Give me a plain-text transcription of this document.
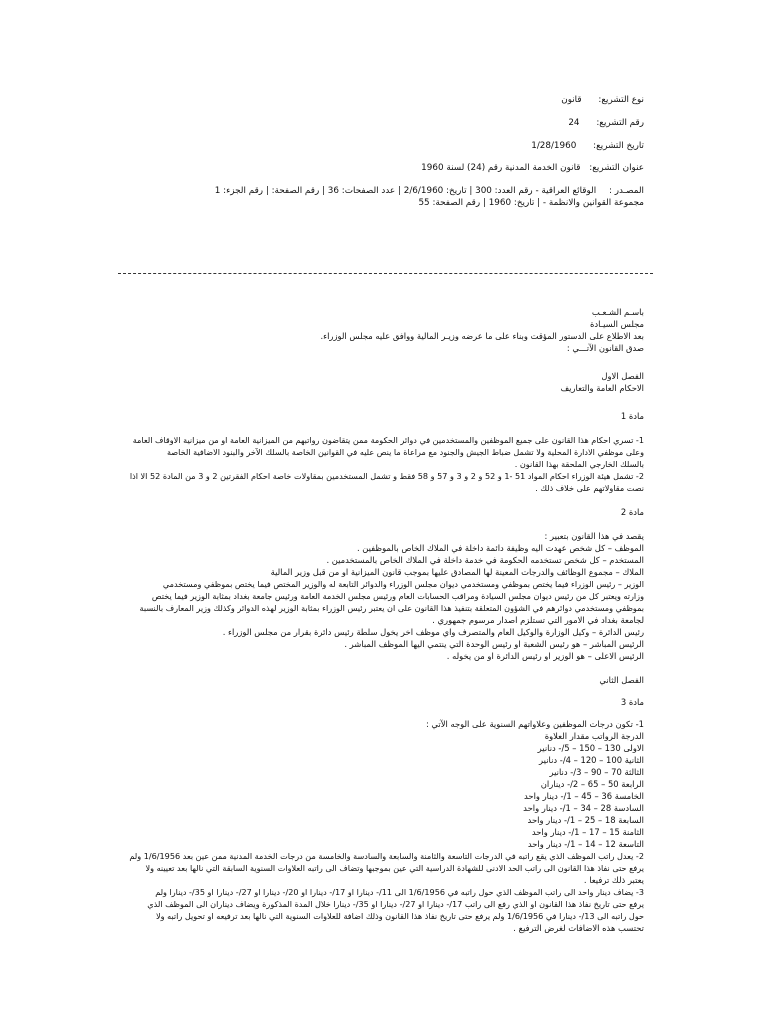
نوع التشريع: قانون
رقم التشريع: 24
تاريخ التشريع: 1/28/1960
عنوان التشريع: قانون الخدمة المدنية رقم (24) لسنة 1960
المصـدر : الوقائع العراقية - رقم العدد: 300 | تاريخ: 2/6/1960 | عدد الصفحات: 36 | رقم الصفحة: | رقم الجزء: 1
مجموعة القوانين والانظمة - | تاريخ: 1960 | رقم الصفحة: 55
باسـم الشـعـب
مجلس السيـادة
بعد الاطلاع على الدستور المؤقت وبناء على ما عرضه وزيـر المالية ووافق عليه مجلس الوزراء.
صدق القانون الآتـــي :
الفصل الاول
الاحكام العامة والتعاريف
مادة 1
1- تسري احكام هذا القانون على جميع الموظفين والمستخدمين في دوائر الحكومة ممن يتقاضون رواتبهم من الميزانية العامة او من ميزانية الاوقاف العامة
وعلى موظفي الادارة المحلية ولا تشمل ضباط الجيش والجنود مع مراعاة ما ينص عليه في القوانين الخاصة بالسلك الآخر والبنود الاضافية الخاصة
بالسلك الخارجي الملحقة بهذا القانون .
2- تشمل هيئة الوزراء احكام المواد 51 -1 و 52 و 2 و 3 و 57 و 58 فقط و تشمل المستخدمين بمقاولات خاصة احكام الفقرتين 2 و 3 من المادة 52 الا اذا
نصت مقاولاتهم على خلاف ذلك .
مادة 2
يقصد في هذا القانون بتعبير :
الموظف – كل شخص عهدت اليه وظيفة دائمة داخلة في الملاك الخاص بالموظفين .
المستخدم – كل شخص تستخدمه الحكومة في خدمة داخلة في الملاك الخاص بالمستخدمين .
الملاك – مجموع الوظائف والدرجات المعينة لها المصادق عليها بموجب قانون الميزانية او من قبل وزير المالية
الوزير – رئيس الوزراء فيما يختص بموظفي ومستخدمي ديوان مجلس الوزراء والدوائر التابعة له والوزير المختص فيما يختص بموظفي ومستخدمي
وزارته ويعتبر كل من رئيس ديوان مجلس السيادة ومراقب الحسابات العام ورئيس مجلس الخدمة العامة ورئيس جامعة بغداد بمثابة الوزير فيما يختص
بموظفي ومستخدمي دوائرهم في الشؤون المتعلقة بتنفيذ هذا القانون على ان يعتبر رئيس الوزراء بمثابة الوزير لهذه الدوائر وكذلك وزير المعارف بالنسبة
لجامعة بغداد في الامور التي تستلزم اصدار مرسوم جمهوري .
رئيس الدائرة – وكيل الوزارة والوكيل العام والمتصرف واي موظف اخر يخول سلطة رئيس دائرة بقرار من مجلس الوزراء .
الرئيس المباشر – هو رئيس الشعبة او رئيس الوحدة التي ينتمي اليها الموظف المباشر .
الرئيس الاعلى – هو الوزير او رئيس الدائرة او من يخوله .
الفصل الثاني
مادة 3
1- تكون درجات الموظفين وعلاواتهم السنوية على الوجه الآتي :
الدرجة الرواتب مقدار العلاوة
الاولى 130 – 150 – 5/- دنانير
الثانية 100 – 120 – 4/- دنانير
الثالثة 70 – 90 – 3/- دنانير
الرابعة 50 – 65 – 2/- ديناران
الخامسة 36 – 45 – 1/- دينار واحد
السادسة 28 – 34 – 1/- دينار واحد
السابعة 18 – 25 – 1/- دينار واحد
الثامنة 15 – 17 – 1/- دينار واحد
التاسعة 12 – 14 – 1/- دينار واحد
2- يعدل راتب الموظف الذي يقع راتبه في الدرجات التاسعة والثامنة والسابعة والسادسة والخامسة من درجات الخدمة المدنية ممن عين بعد 1/6/1956 ولم
يرفع حتى نفاذ هذا القانون الى راتب الحد الادنى للشهادة الدراسية التي عين بموجبها وتضاف الى راتبه العلاوات السنوية السابقة التي نالها بعد تعيينه ولا
يعتبر ذلك ترفيعا .
3- يضاف دينار واحد الى راتب الموظف الذي حول راتبه في 1/6/1956 الى 11/- دينارا او 17/- دينارا او 20/- دينارا او 27/- دينارا او 35/- دينارا ولم
يرفع حتى تاريخ نفاذ هذا القانون او الذي رفع الى راتب 17/- دينارا او 27/- دينارا او 35/- دينارا خلال المدة المذكورة ويضاف ديناران الى الموظف الذي
حول راتبه الى 13/- دينارا في 1/6/1956 ولم يرفع حتى تاريخ نفاذ هذا القانون وذلك اضافة للعلاوات السنوية التي نالها بعد ترفيعه او تحويل راتبه ولا
تحتسب هذه الاضافات لغرض الترفيع .
